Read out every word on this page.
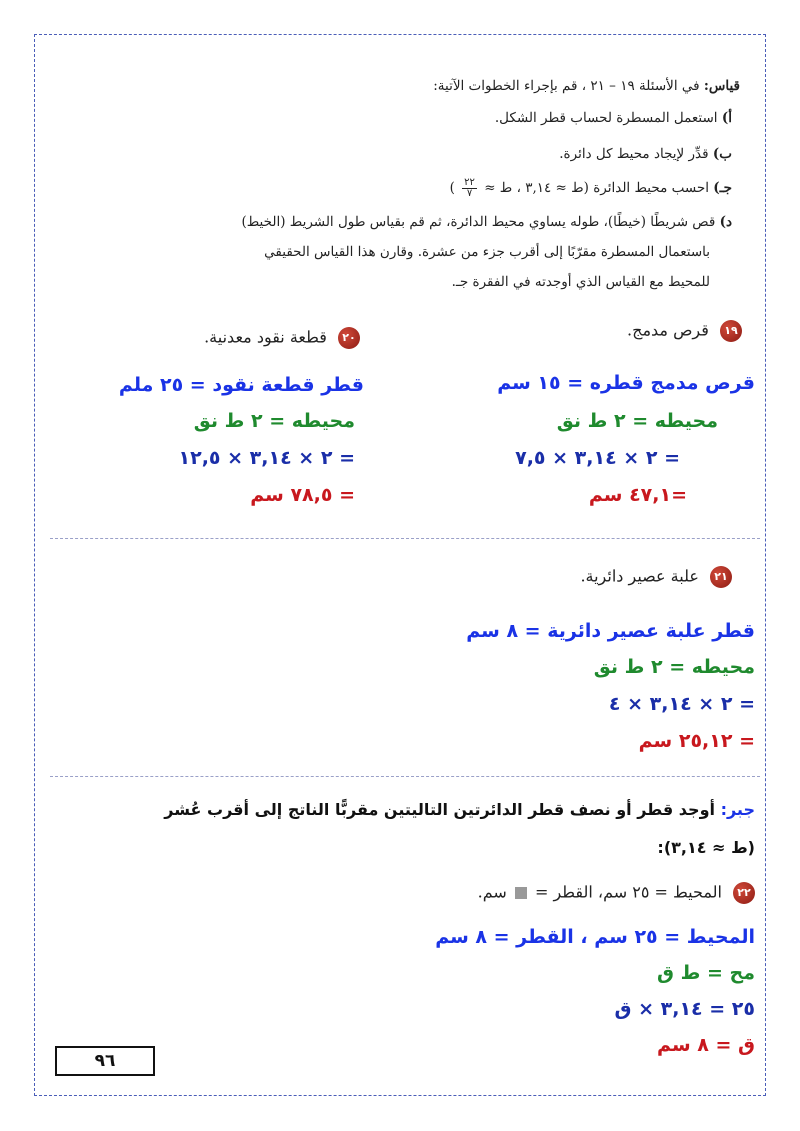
قياس: في الأسئلة ١٩ – ٢١ ، قم بإجراء الخطوات الآتية:
أ) استعمل المسطرة لحساب قطر الشكل.
ب) قدِّر لإيجاد محيط كل دائرة.
جـ) احسب محيط الدائرة (ط ≈ ٣,١٤ ، ط ≈
$\frac{٢٢}{٧}$
)
د) قص شريطًا (خيطًا)، طوله يساوي محيط الدائرة، ثم قم بقياس طول الشريط (الخيط)
باستعمال المسطرة مقرّبًا إلى أقرب جزء من عشرة. وقارن هذا القياس الحقيقي
للمحيط مع القياس الذي أوجدته في الفقرة جـ.
١٩ قرص مدمج.
قرص مدمج قطره = ١٥ سم
محيطه = ٢ ط نق
= ٢ × ٣,١٤ × ٧,٥
=٤٧,١ سم
٢٠ قطعة نقود معدنية.
قطر قطعة نقود = ٢٥ ملم
محيطه = ٢ ط نق
= ٢ × ٣,١٤ × ١٢,٥
= ٧٨,٥ سم
٢١ علبة عصير دائرية.
قطر علبة عصير دائرية = ٨ سم
محيطه = ٢ ط نق
= ٢ × ٣,١٤ × ٤
= ٢٥,١٢ سم
جبر: أوجد قطر أو نصف قطر الدائرتين التاليتين مقربًّا الناتج إلى أقرب عُشر
(ط ≈ ٣,١٤):
٢٢ المحيط = ٢٥ سم، القطر =  سم.
المحيط = ٢٥ سم ، القطر = ٨ سم
مح = ط ق
٢٥ = ٣,١٤ × ق
ق = ٨ سم
٩٦
